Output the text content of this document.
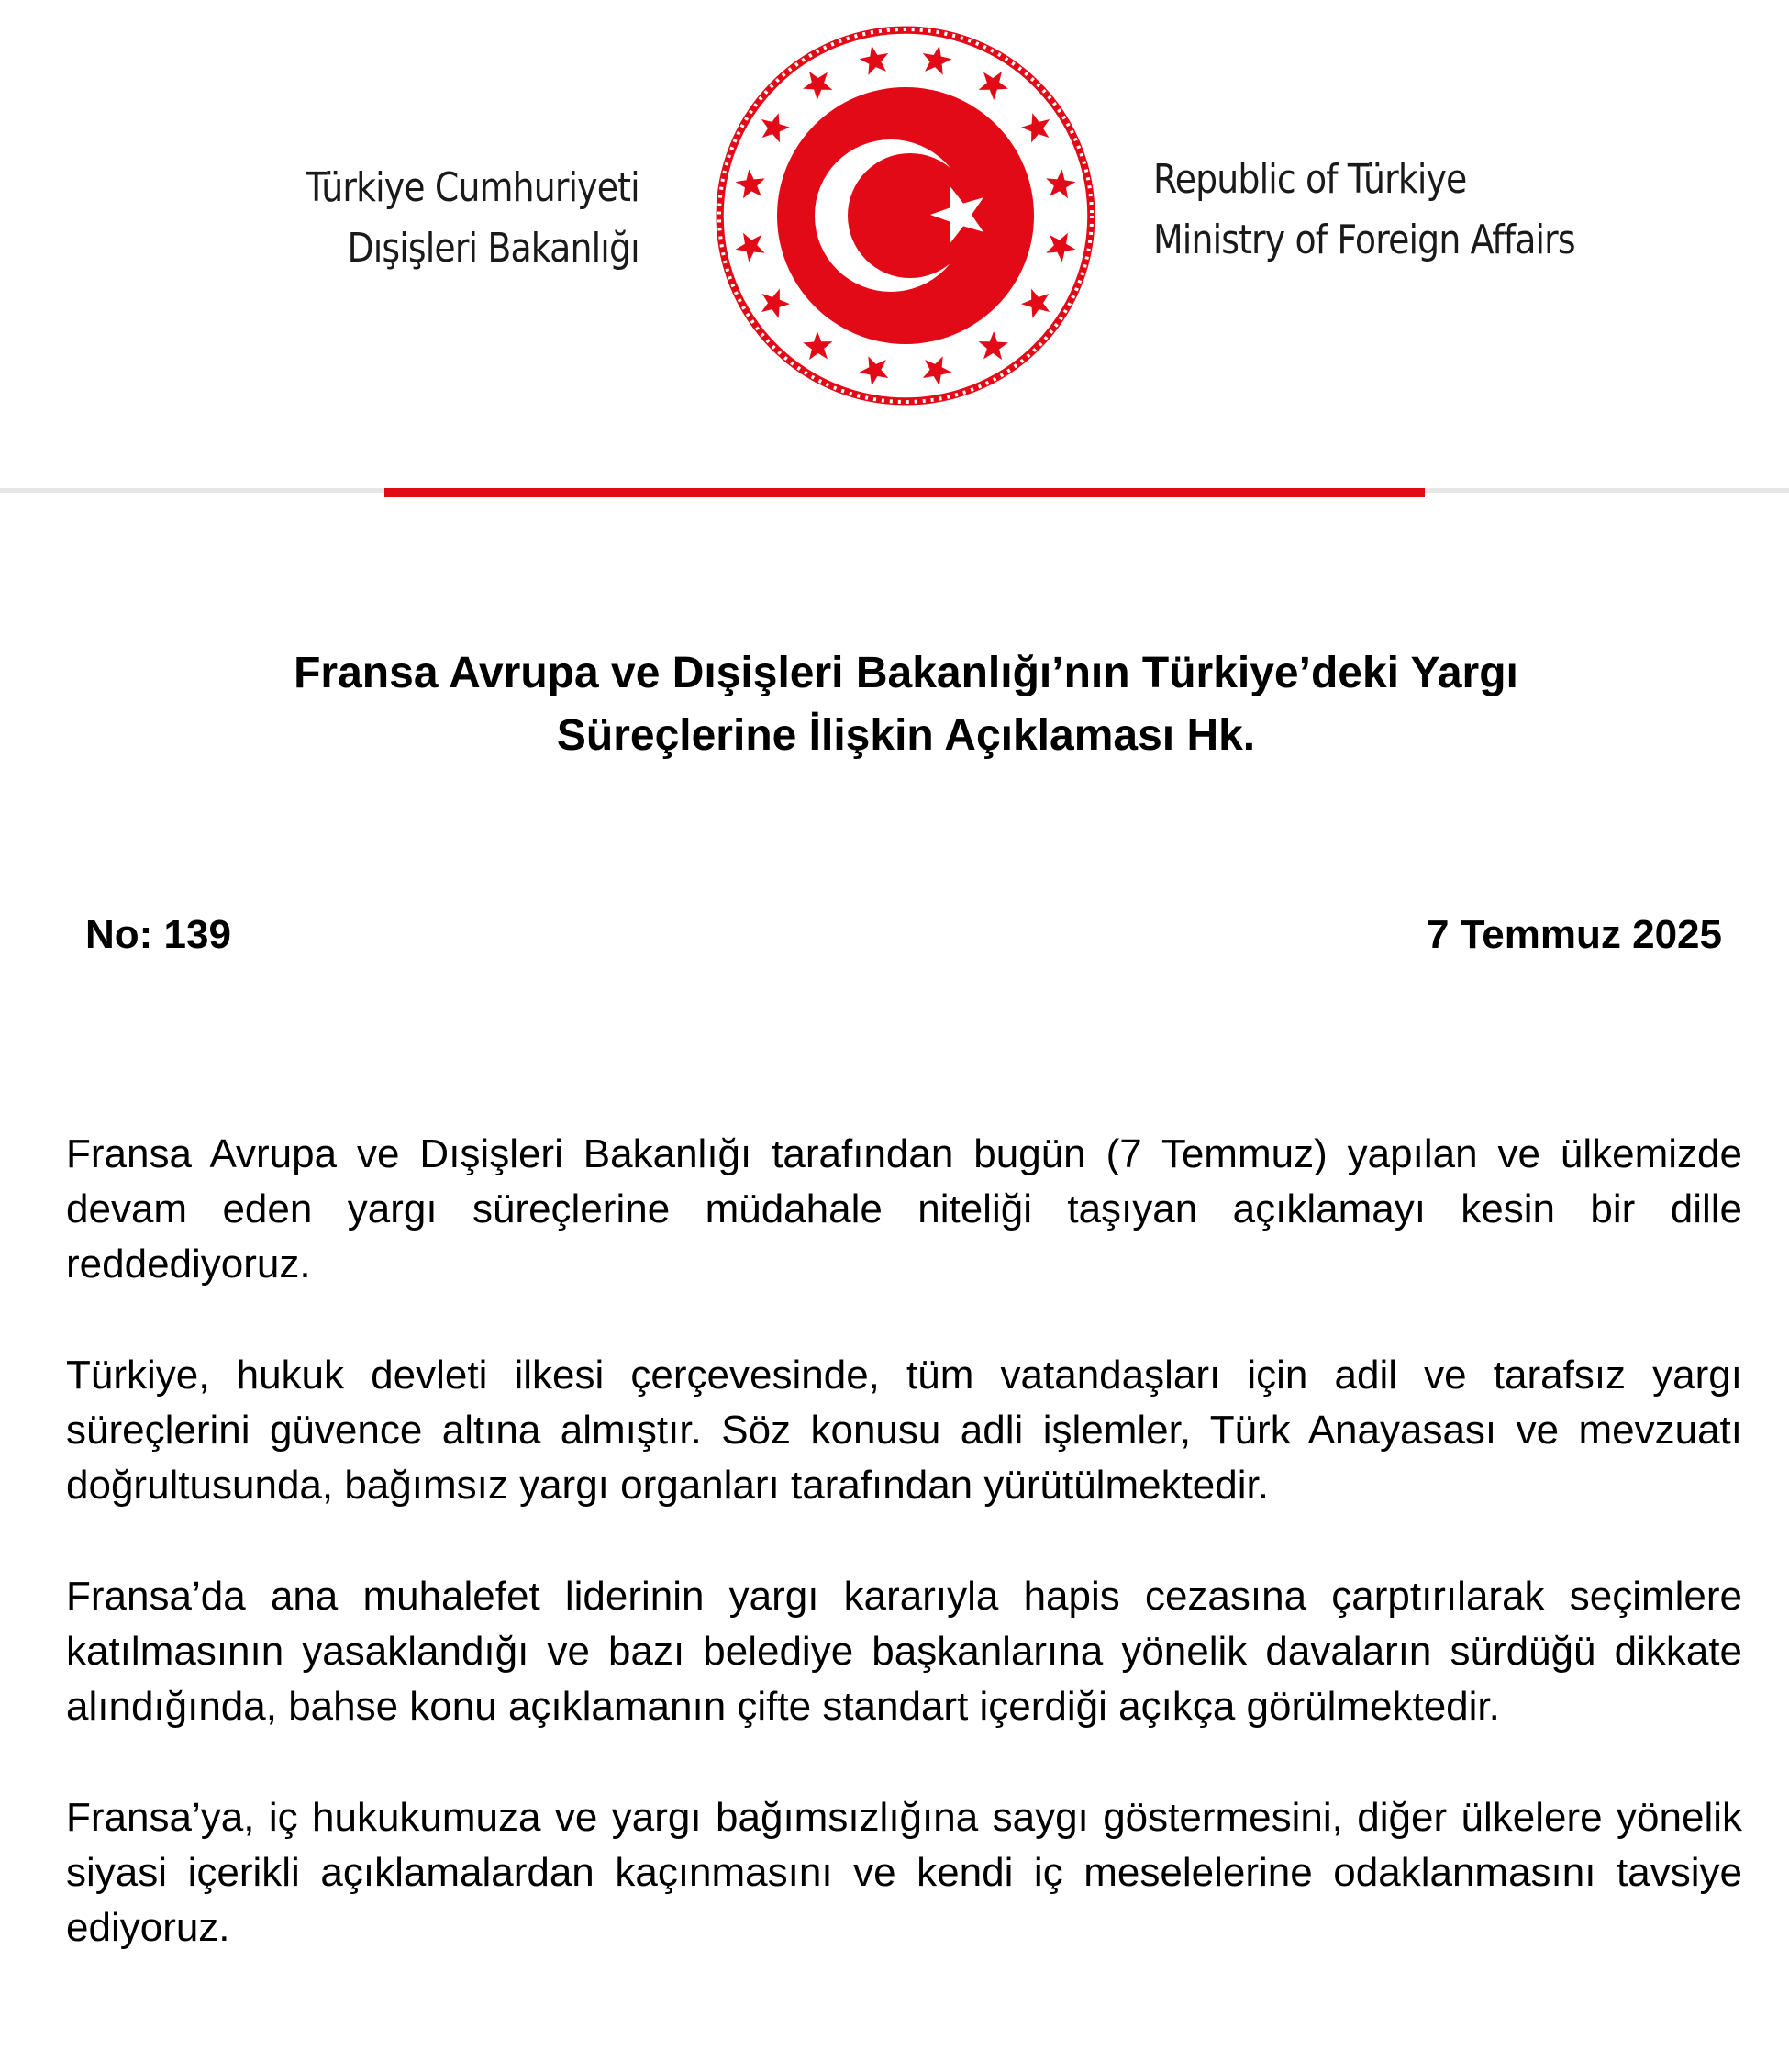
Türkiye Cumhuriyeti
Dışişleri Bakanlığı
Republic of Türkiye
Ministry of Foreign Affairs
Fransa Avrupa ve Dışişleri Bakanlığı’nın Türkiye’deki Yargı
Süreçlerine İlişkin Açıklaması Hk.
No: 139	7 Temmuz 2025

Fransa Avrupa ve Dışişleri Bakanlığı tarafından bugün (7 Temmuz) yapılan ve ülkemizde devam eden yargı süreçlerine müdahale niteliği taşıyan açıklamayı kesin bir dille reddediyoruz.

Türkiye, hukuk devleti ilkesi çerçevesinde, tüm vatandaşları için adil ve tarafsız yargı süreçlerini güvence altına almıştır. Söz konusu adli işlemler, Türk Anayasası ve mevzuatı doğrultusunda, bağımsız yargı organları tarafından yürütülmektedir.

Fransa’da ana muhalefet liderinin yargı kararıyla hapis cezasına çarptırılarak seçimlere katılmasının yasaklandığı ve bazı belediye başkanlarına yönelik davaların sürdüğü dikkate alındığında, bahse konu açıklamanın çifte standart içerdiği açıkça görülmektedir.

Fransa’ya, iç hukukumuza ve yargı bağımsızlığına saygı göstermesini, diğer ülkelere yönelik siyasi içerikli açıklamalardan kaçınmasını ve kendi iç meselelerine odaklanmasını tavsiye ediyoruz.
